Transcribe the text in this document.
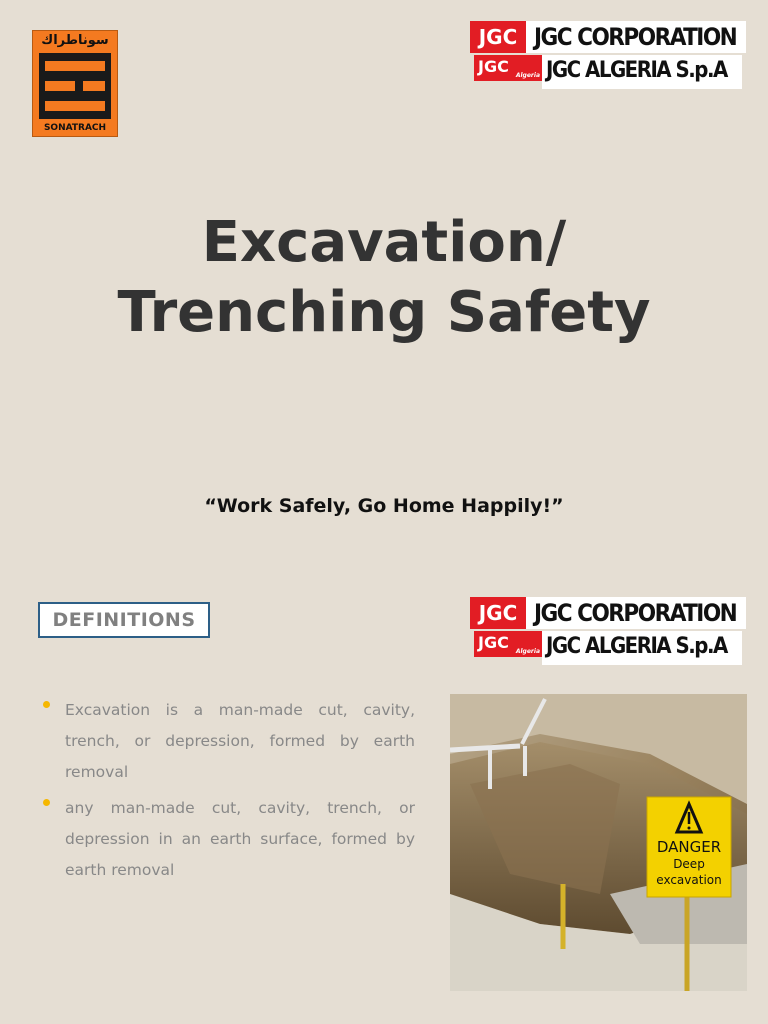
سوناطراك
SONATRACH
JGC JGC CORPORATION
JGC Algeria JGC ALGERIA S.p.A
Excavation/
Trenching Safety
“Work Safely, Go Home Happily!”
JGC JGC CORPORATION
JGC Algeria JGC ALGERIA S.p.A
DEFINITIONS
Excavation is a man-made cut, cavity, trench, or depression, formed by earth removal
any man-made cut, cavity, trench, or depression in an earth surface, formed by earth removal
DANGER
Deep
excavation
